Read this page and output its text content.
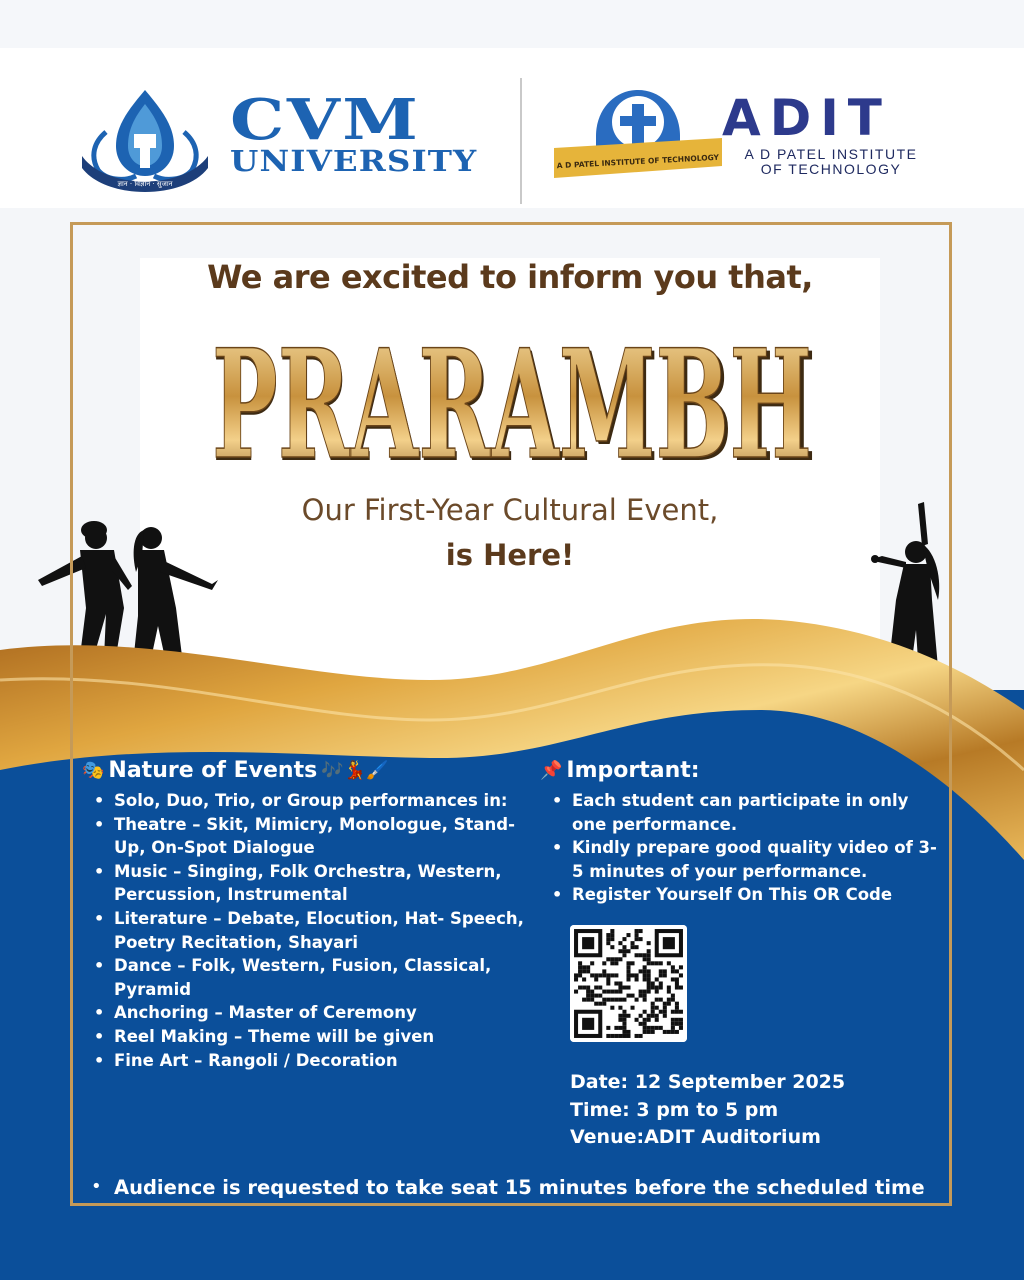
ज्ञान · विज्ञान · सुजान
CVM
UNIVERSITY	A D PATEL INSTITUTE OF TECHNOLOGY
ADIT
A D PATEL INSTITUTE
OF TECHNOLOGY
We are excited to inform you that,
PRARAMBH
PRARAMBH
Our First-Year Cultural Event,
is Here!
🎭 Nature of Events 🎶💃🖌️
• Solo, Duo, Trio, or Group performances in:
• Theatre – Skit, Mimicry, Monologue, Stand-Up, On-Spot Dialogue
• Music – Singing, Folk Orchestra, Western, Percussion, Instrumental
• Literature – Debate, Elocution, Hat- Speech, Poetry Recitation, Shayari
• Dance – Folk, Western, Fusion, Classical, Pyramid
• Anchoring – Master of Ceremony
• Reel Making – Theme will be given
• Fine Art – Rangoli / Decoration
📌 Important:
• Each student can participate in only one performance.
• Kindly prepare good quality video of 3-5 minutes of your performance.
• Register Yourself On This OR Code
Date: 12 September 2025
Time: 3 pm to 5 pm
Venue:ADIT Auditorium
• Audience is requested to take seat 15 minutes before the scheduled time
